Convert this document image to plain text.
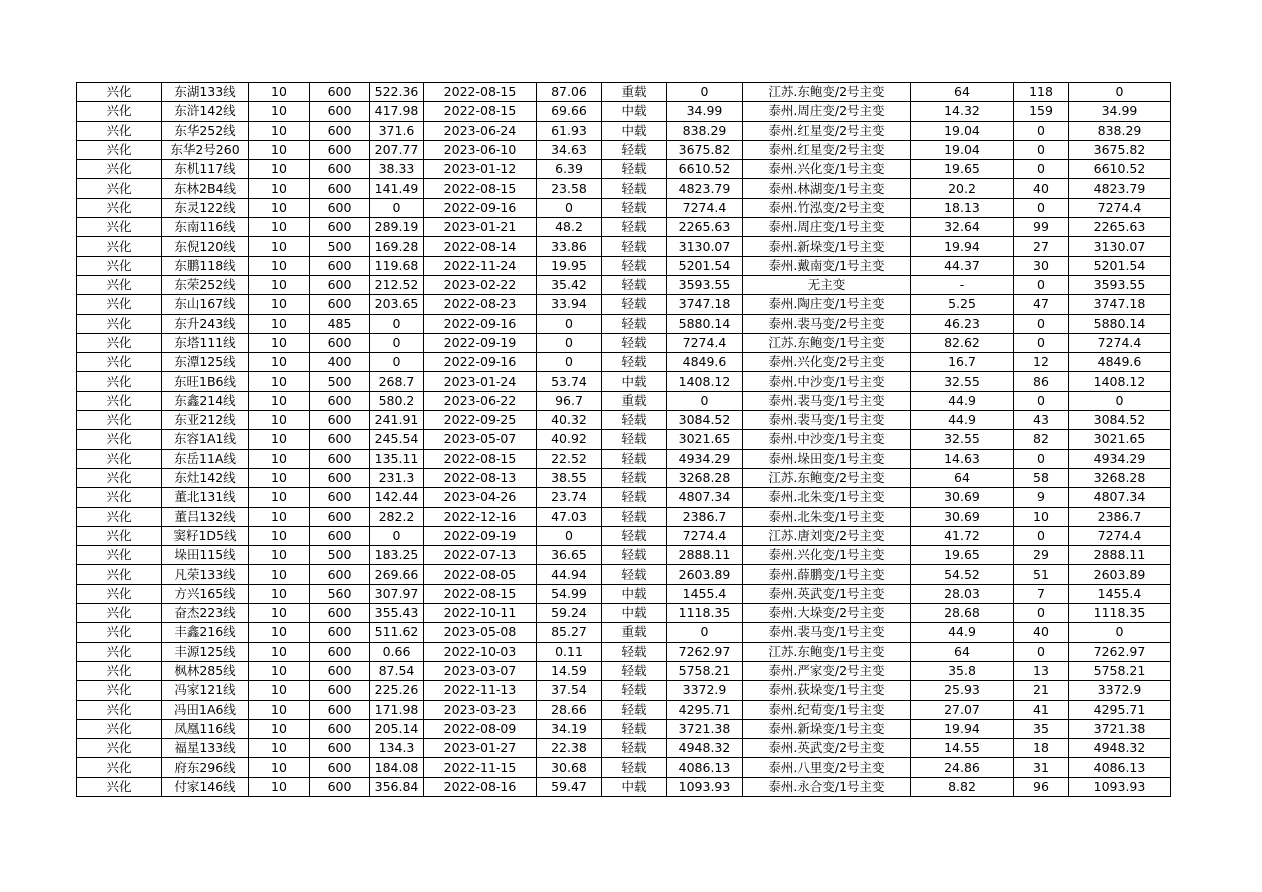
兴化	东湖133线	10	600	522.36	2022-08-15	87.06	重载	0	江苏.东鲍变/2号主变	64	118	0
兴化	东浒142线	10	600	417.98	2022-08-15	69.66	中载	34.99	泰州.周庄变/2号主变	14.32	159	34.99
兴化	东华252线	10	600	371.6	2023-06-24	61.93	中载	838.29	泰州.红星变/2号主变	19.04	0	838.29
兴化	东华2号260	10	600	207.77	2023-06-10	34.63	轻载	3675.82	泰州.红星变/2号主变	19.04	0	3675.82
兴化	东机117线	10	600	38.33	2023-01-12	6.39	轻载	6610.52	泰州.兴化变/1号主变	19.65	0	6610.52
兴化	东林2B4线	10	600	141.49	2022-08-15	23.58	轻载	4823.79	泰州.林湖变/1号主变	20.2	40	4823.79
兴化	东灵122线	10	600	0	2022-09-16	0	轻载	7274.4	泰州.竹泓变/2号主变	18.13	0	7274.4
兴化	东南116线	10	600	289.19	2023-01-21	48.2	轻载	2265.63	泰州.周庄变/1号主变	32.64	99	2265.63
兴化	东倪120线	10	500	169.28	2022-08-14	33.86	轻载	3130.07	泰州.新垛变/1号主变	19.94	27	3130.07
兴化	东鹏118线	10	600	119.68	2022-11-24	19.95	轻载	5201.54	泰州.戴南变/1号主变	44.37	30	5201.54
兴化	东荣252线	10	600	212.52	2023-02-22	35.42	轻载	3593.55	无主变	-	0	3593.55
兴化	东山167线	10	600	203.65	2022-08-23	33.94	轻载	3747.18	泰州.陶庄变/1号主变	5.25	47	3747.18
兴化	东升243线	10	485	0	2022-09-16	0	轻载	5880.14	泰州.裴马变/2号主变	46.23	0	5880.14
兴化	东塔111线	10	600	0	2022-09-19	0	轻载	7274.4	江苏.东鲍变/1号主变	82.62	0	7274.4
兴化	东潭125线	10	400	0	2022-09-16	0	轻载	4849.6	泰州.兴化变/2号主变	16.7	12	4849.6
兴化	东旺1B6线	10	500	268.7	2023-01-24	53.74	中载	1408.12	泰州.中沙变/1号主变	32.55	86	1408.12
兴化	东鑫214线	10	600	580.2	2023-06-22	96.7	重载	0	泰州.裴马变/1号主变	44.9	0	0
兴化	东亚212线	10	600	241.91	2022-09-25	40.32	轻载	3084.52	泰州.裴马变/1号主变	44.9	43	3084.52
兴化	东容1A1线	10	600	245.54	2023-05-07	40.92	轻载	3021.65	泰州.中沙变/1号主变	32.55	82	3021.65
兴化	东岳11A线	10	600	135.11	2022-08-15	22.52	轻载	4934.29	泰州.垛田变/1号主变	14.63	0	4934.29
兴化	东灶142线	10	600	231.3	2022-08-13	38.55	轻载	3268.28	江苏.东鲍变/2号主变	64	58	3268.28
兴化	董北131线	10	600	142.44	2023-04-26	23.74	轻载	4807.34	泰州.北朱变/1号主变	30.69	9	4807.34
兴化	董吕132线	10	600	282.2	2022-12-16	47.03	轻载	2386.7	泰州.北朱变/1号主变	30.69	10	2386.7
兴化	窦籽1D5线	10	600	0	2022-09-19	0	轻载	7274.4	江苏.唐刘变/2号主变	41.72	0	7274.4
兴化	垛田115线	10	500	183.25	2022-07-13	36.65	轻载	2888.11	泰州.兴化变/1号主变	19.65	29	2888.11
兴化	凡荣133线	10	600	269.66	2022-08-05	44.94	轻载	2603.89	泰州.薛鹏变/1号主变	54.52	51	2603.89
兴化	方兴165线	10	560	307.97	2022-08-15	54.99	中载	1455.4	泰州.英武变/1号主变	28.03	7	1455.4
兴化	奋杰223线	10	600	355.43	2022-10-11	59.24	中载	1118.35	泰州.大垛变/2号主变	28.68	0	1118.35
兴化	丰鑫216线	10	600	511.62	2023-05-08	85.27	重载	0	泰州.裴马变/1号主变	44.9	40	0
兴化	丰源125线	10	600	0.66	2022-10-03	0.11	轻载	7262.97	江苏.东鲍变/1号主变	64	0	7262.97
兴化	枫林285线	10	600	87.54	2023-03-07	14.59	轻载	5758.21	泰州.严家变/2号主变	35.8	13	5758.21
兴化	冯家121线	10	600	225.26	2022-11-13	37.54	轻载	3372.9	泰州.荻垛变/1号主变	25.93	21	3372.9
兴化	冯田1A6线	10	600	171.98	2023-03-23	28.66	轻载	4295.71	泰州.纪荀变/1号主变	27.07	41	4295.71
兴化	凤凰116线	10	600	205.14	2022-08-09	34.19	轻载	3721.38	泰州.新垛变/1号主变	19.94	35	3721.38
兴化	福星133线	10	600	134.3	2023-01-27	22.38	轻载	4948.32	泰州.英武变/2号主变	14.55	18	4948.32
兴化	府东296线	10	600	184.08	2022-11-15	30.68	轻载	4086.13	泰州.八里变/2号主变	24.86	31	4086.13
兴化	付家146线	10	600	356.84	2022-08-16	59.47	中载	1093.93	泰州.永合变/1号主变	8.82	96	1093.93
